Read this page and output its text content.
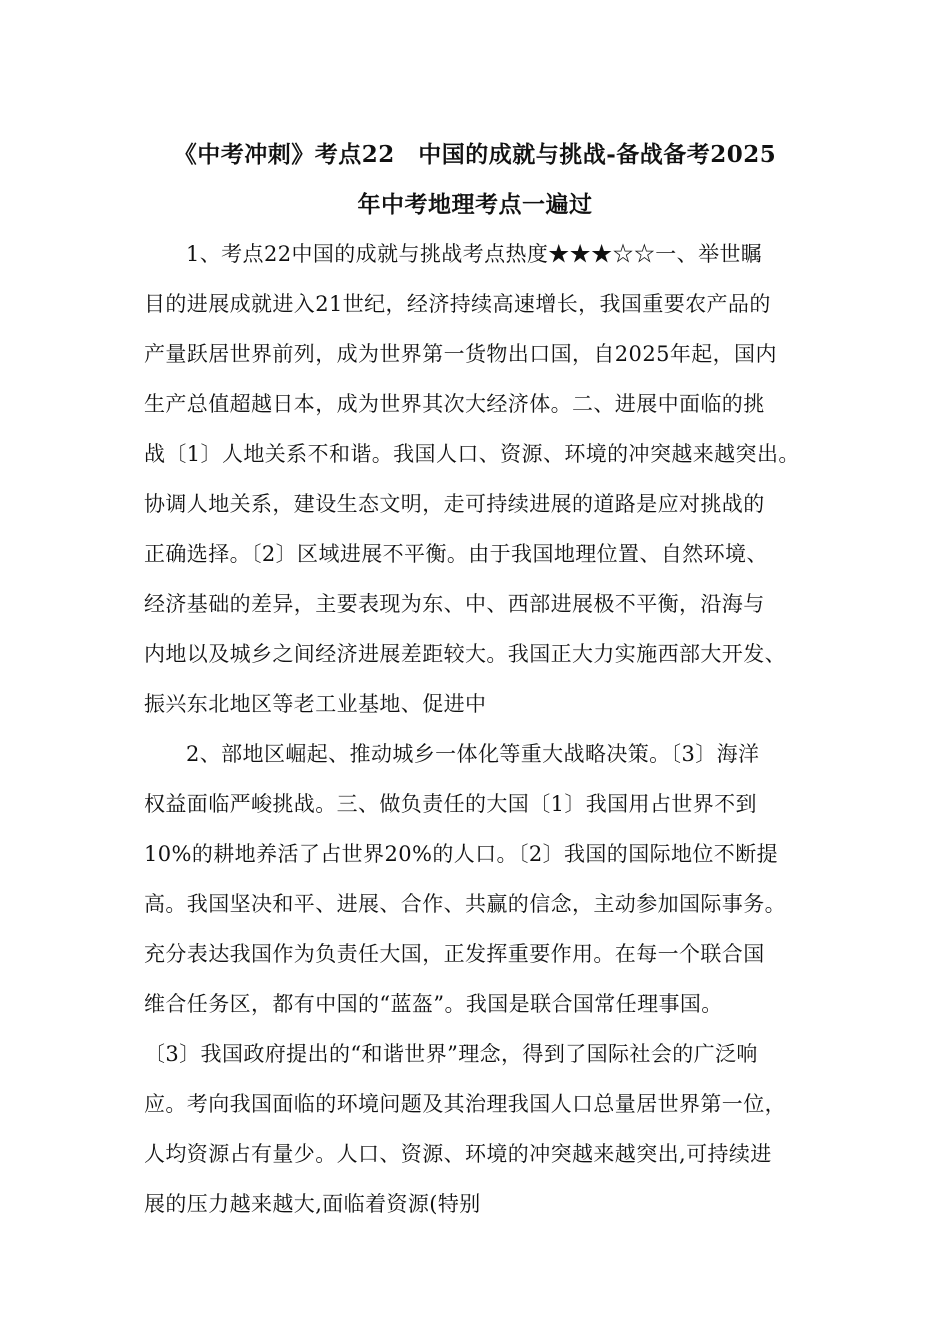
《中考冲刺》考点22　中国的成就与挑战-备战备考2025
年中考地理考点一遍过
1、考点22中国的成就与挑战考点热度★★★☆☆一、举世瞩
目的进展成就进入21世纪，经济持续高速增长，我国重要农产品的
产量跃居世界前列，成为世界第一货物出口国，自2025年起，国内
生产总值超越日本，成为世界其次大经济体。二、进展中面临的挑
战〔1〕人地关系不和谐。我国人口、资源、环境的冲突越来越突出。
协调人地关系，建设生态文明，走可持续进展的道路是应对挑战的
正确选择。〔2〕区域进展不平衡。由于我国地理位置、自然环境、
经济基础的差异，主要表现为东、中、西部进展极不平衡，沿海与
内地以及城乡之间经济进展差距较大。我国正大力实施西部大开发、
振兴东北地区等老工业基地、促进中
2、部地区崛起、推动城乡一体化等重大战略决策。〔3〕海洋
权益面临严峻挑战。三、做负责任的大国〔1〕我国用占世界不到
10%的耕地养活了占世界20%的人口。〔2〕我国的国际地位不断提
高。我国坚决和平、进展、合作、共赢的信念，主动参加国际事务。
充分表达我国作为负责任大国，正发挥重要作用。在每一个联合国
维合任务区，都有中国的“蓝盔”。我国是联合国常任理事国。
〔3〕我国政府提出的“和谐世界”理念，得到了国际社会的广泛响
应。考向我国面临的环境问题及其治理我国人口总量居世界第一位，
人均资源占有量少。人口、资源、环境的冲突越来越突出,可持续进
展的压力越来越大,面临着资源(特别
